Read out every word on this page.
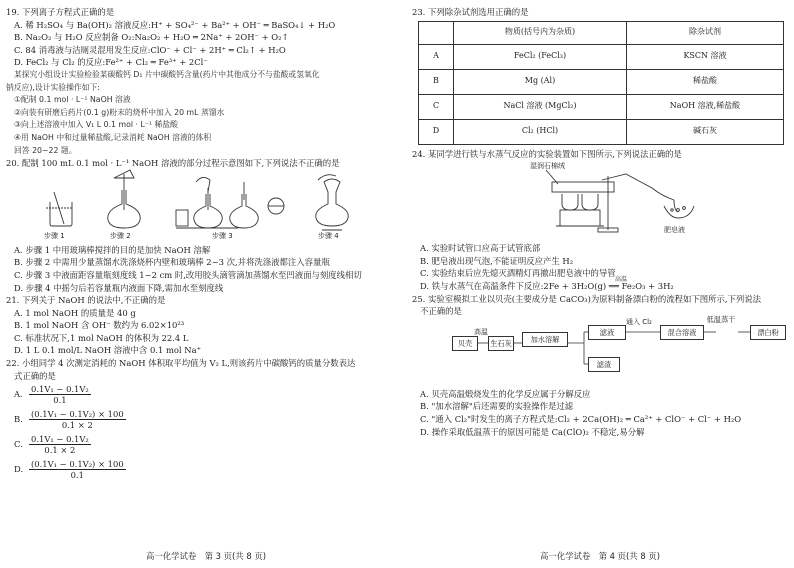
19. 下列离子方程式正确的是
A. 稀 H₂SO₄ 与 Ba(OH)₂ 溶液反应:H⁺ + SO₄²⁻ + Ba²⁺ + OH⁻ ═ BaSO₄↓ + H₂O
B. Na₂O₂ 与 H₂O 反应制备 O₂:Na₂O₂ + H₂O ═ 2Na⁺ + 2OH⁻ + O₂↑
C. 84 消毒液与洁厕灵混用发生反应:ClO⁻ + Cl⁻ + 2H⁺ ═ Cl₂↑ + H₂O
D. FeCl₂ 与 Cl₂ 的反应:Fe²⁺ + Cl₂ ═ Fe³⁺ + 2Cl⁻
某探究小组设计实验检验某碳酸钙 D₁ 片中碳酸钙含量(药片中其他成分不与盐酸或氢氧化
钠反应),设计实验操作如下:
①配制 0.1 mol · L⁻¹ NaOH 溶液
②向装有研磨后药片(0.1 g)粉末的烧杯中加入 20 mL 蒸馏水
③向上述溶液中加入 V₁ L 0.1 mol · L⁻¹ 稀盐酸
④用 NaOH 中和过量稀盐酸,记录消耗 NaOH 溶液的体积
回答 20~22 题。
20. 配制 100 mL 0.1 mol · L⁻¹ NaOH 溶液的部分过程示意图如下,下列说法不正确的是
步骤 1	步骤 2	步骤 3	步骤 4
A. 步骤 1 中用玻璃棒搅拌的目的是加快 NaOH 溶解
B. 步骤 2 中需用少量蒸馏水洗涤烧杯内壁和玻璃棒 2~3 次,并将洗涤液都注入容量瓶
C. 步骤 3 中液面距容量瓶刻度线 1~2 cm 时,改用胶头滴管滴加蒸馏水至凹液面与刻度线相切
D. 步骤 4 中摇匀后若容量瓶内液面下降,需加水至刻度线
21. 下列关于 NaOH 的说法中,不正确的是
A. 1 mol NaOH 的质量是 40 g
B. 1 mol NaOH 含 OH⁻ 数约为 6.02×10²³
C. 标准状况下,1 mol NaOH 的体积为 22.4 L
D. 1 L 0.1 mol/L NaOH 溶液中含 0.1 mol Na⁺
22. 小组同学 4 次测定消耗的 NaOH 体积取平均值为 V₂ L,则该药片中碳酸钙的质量分数表达
式正确的是
A. $\frac{\text{0.1V₁ − 0.1V₂}}{0.1}$
B. $\frac{\text{(0.1V₁ − 0.1V₂) × 100}}{0.1 \times 2}$
C. $\frac{\text{0.1V₁ − 0.1V₂}}{0.1 \times 2}$
D. $\frac{\text{(0.1V₁ − 0.1V₂) × 100}}{0.1}$
23. 下列除杂试剂选用正确的是
	物质(括号内为杂质)	除杂试剂
A	FeCl₂ (FeCl₃)	KSCN 溶液
B	Mg (Al)	稀盐酸
C	NaCl 溶液 (MgCl₂)	NaOH 溶液,稀盐酸
D	Cl₂ (HCl)	碱石灰
24. 某同学进行铁与水蒸气反应的实验装置如下图所示,下列说法正确的是
湿润石棉绒
肥皂液
A. 实验时试管口应高于试管底部
B. 肥皂液出现气泡,不能证明反应产生 H₂
C. 实验结束后应先熄灭酒精灯再撤出肥皂液中的导管
D. 铁与水蒸气在高温条件下反应:2Fe + 3H₂O(g) ══ Fe₂O₃ + 3H₂
高温
25. 实验室模拟工业以贝壳(主要成分是 CaCO₃)为原料制备漂白粉的流程如下图所示,下列说法
不正确的是
贝壳
高温
生石灰	加水溶解
滤液
通入 Cl₂
混合溶液
低温蒸干
漂白粉
滤渣
A. 贝壳高温煅烧发生的化学反应属于分解反应
B. "加水溶解"后还需要的实验操作是过滤
C. "通入 Cl₂"时发生的离子方程式是:Cl₂ + 2Ca(OH)₂ ═ Ca²⁺ + ClO⁻ + Cl⁻ + H₂O
D. 操作采取低温蒸干的原因可能是 Ca(ClO)₂ 不稳定,易分解
高一化学试卷　第 3 页(共 8 页)	高一化学试卷　第 4 页(共 8 页)
